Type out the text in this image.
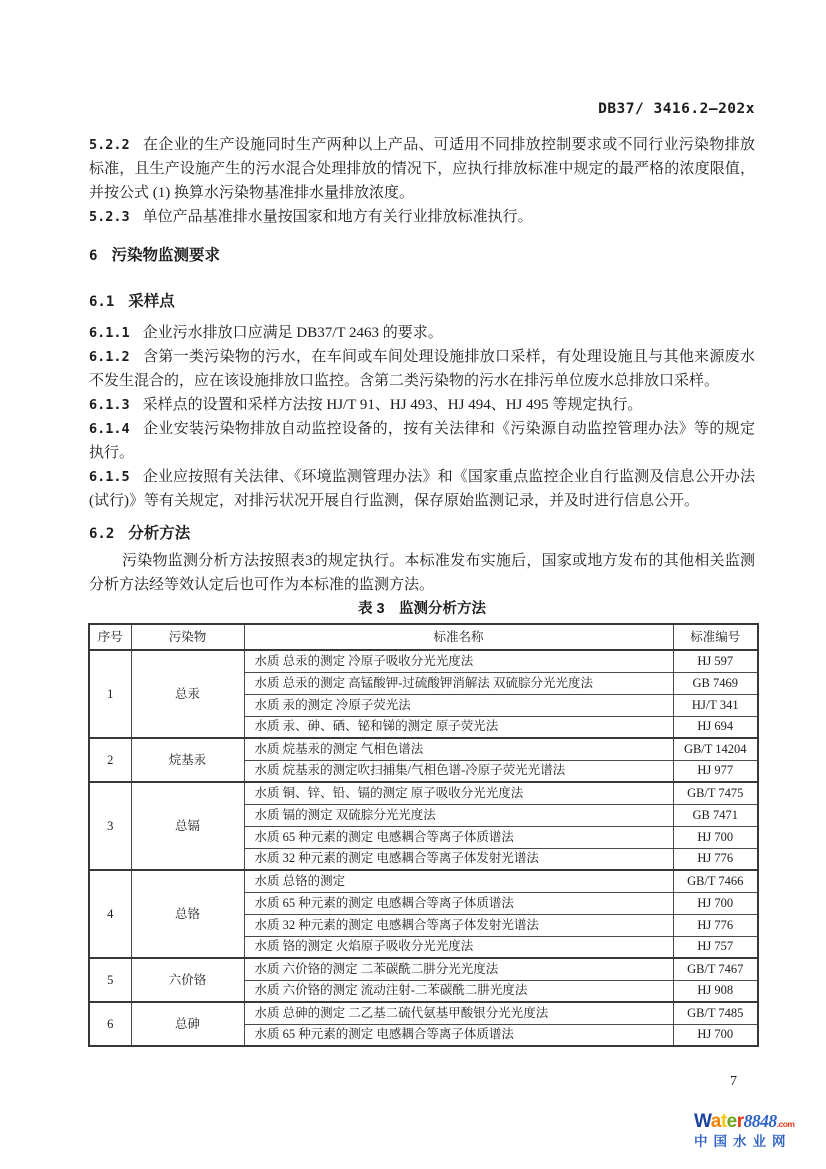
DB37/ 3416.2—202x

5.2.2 在企业的生产设施同时生产两种以上产品、可适用不同排放控制要求或不同行业污染物排放标准，且生产设施产生的污水混合处理排放的情况下，应执行排放标准中规定的最严格的浓度限值，并按公式 (1) 换算水污染物基准排水量排放浓度。

5.2.3 单位产品基准排水量按国家和地方有关行业排放标准执行。

6 污染物监测要求

6.1 采样点

6.1.1 企业污水排放口应满足 DB37/T 2463 的要求。

6.1.2 含第一类污染物的污水，在车间或车间处理设施排放口采样，有处理设施且与其他来源废水不发生混合的，应在该设施排放口监控。含第二类污染物的污水在排污单位废水总排放口采样。

6.1.3 采样点的设置和采样方法按 HJ/T 91、HJ 493、HJ 494、HJ 495 等规定执行。

6.1.4 企业安装污染物排放自动监控设备的，按有关法律和《污染源自动监控管理办法》等的规定执行。

6.1.5 企业应按照有关法律、《环境监测管理办法》和《国家重点监控企业自行监测及信息公开办法(试行)》等有关规定，对排污状况开展自行监测，保存原始监测记录，并及时进行信息公开。

6.2 分析方法

污染物监测分析方法按照表3的规定执行。本标准发布实施后，国家或地方发布的其他相关监测分析方法经等效认定后也可作为本标准的监测方法。

表 3　监测分析方法

序号	污染物	标准名称	标准编号
1	总汞	水质 总汞的测定 冷原子吸收分光光度法	HJ 597
		水质 总汞的测定 高锰酸钾-过硫酸钾消解法 双硫腙分光光度法	GB 7469
		水质 汞的测定 冷原子荧光法	HJ/T 341
		水质 汞、砷、硒、铋和锑的测定 原子荧光法	HJ 694
2	烷基汞	水质 烷基汞的测定 气相色谱法	GB/T 14204
		水质 烷基汞的测定吹扫捕集/气相色谱-冷原子荧光光谱法	HJ 977
3	总镉	水质 铜、锌、铅、镉的测定 原子吸收分光光度法	GB/T 7475
		水质 镉的测定 双硫腙分光光度法	GB 7471
		水质 65 种元素的测定 电感耦合等离子体质谱法	HJ 700
		水质 32 种元素的测定 电感耦合等离子体发射光谱法	HJ 776
4	总铬	水质 总铬的测定	GB/T 7466
		水质 65 种元素的测定 电感耦合等离子体质谱法	HJ 700
		水质 32 种元素的测定 电感耦合等离子体发射光谱法	HJ 776
		水质 铬的测定 火焰原子吸收分光光度法	HJ 757
5	六价铬	水质 六价铬的测定 二苯碳酰二肼分光光度法	GB/T 7467
		水质 六价铬的测定 流动注射-二苯碳酰二肼光度法	HJ 908
6	总砷	水质 总砷的测定 二乙基二硫代氨基甲酸银分光光度法	GB/T 7485
		水质 65 种元素的测定 电感耦合等离子体质谱法	HJ 700
7
Water8848.com
中国水业网
